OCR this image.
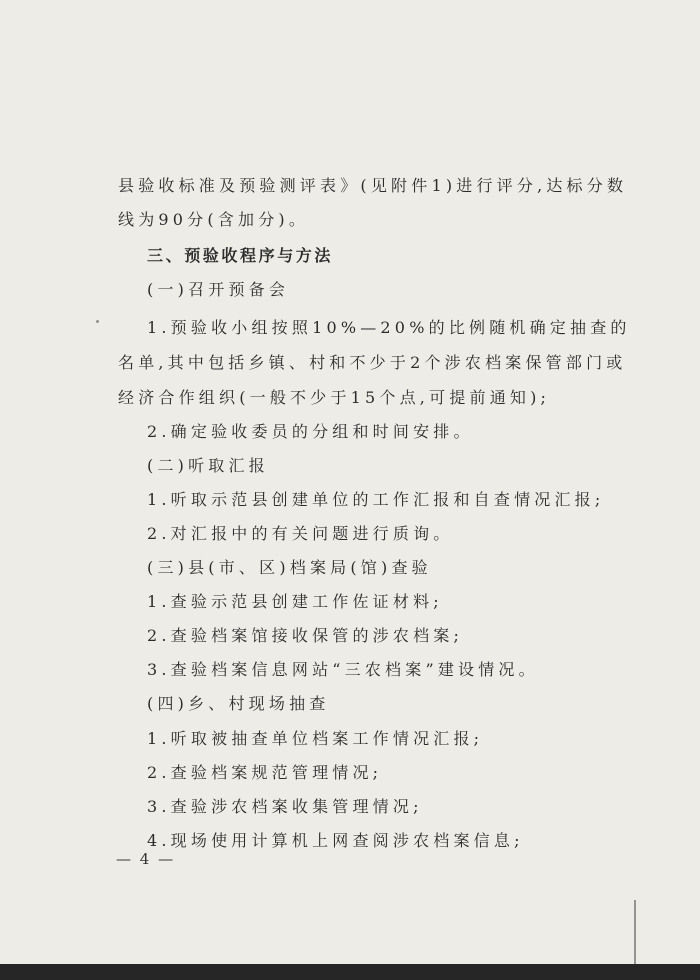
县验收标准及预验测评表》(见附件1)进行评分,达标分数
线为90分(含加分)。
三、预验收程序与方法
(一)召开预备会
1.预验收小组按照10%—20%的比例随机确定抽查的
名单,其中包括乡镇、村和不少于2个涉农档案保管部门或
经济合作组织(一般不少于15个点,可提前通知);
2.确定验收委员的分组和时间安排。
(二)听取汇报
1.听取示范县创建单位的工作汇报和自查情况汇报;
2.对汇报中的有关问题进行质询。
(三)县(市、区)档案局(馆)查验
1.查验示范县创建工作佐证材料;
2.查验档案馆接收保管的涉农档案;
3.查验档案信息网站“三农档案”建设情况。
(四)乡、村现场抽查
1.听取被抽查单位档案工作情况汇报;
2.查验档案规范管理情况;
3.查验涉农档案收集管理情况;
4.现场使用计算机上网查阅涉农档案信息;
— 4 —
